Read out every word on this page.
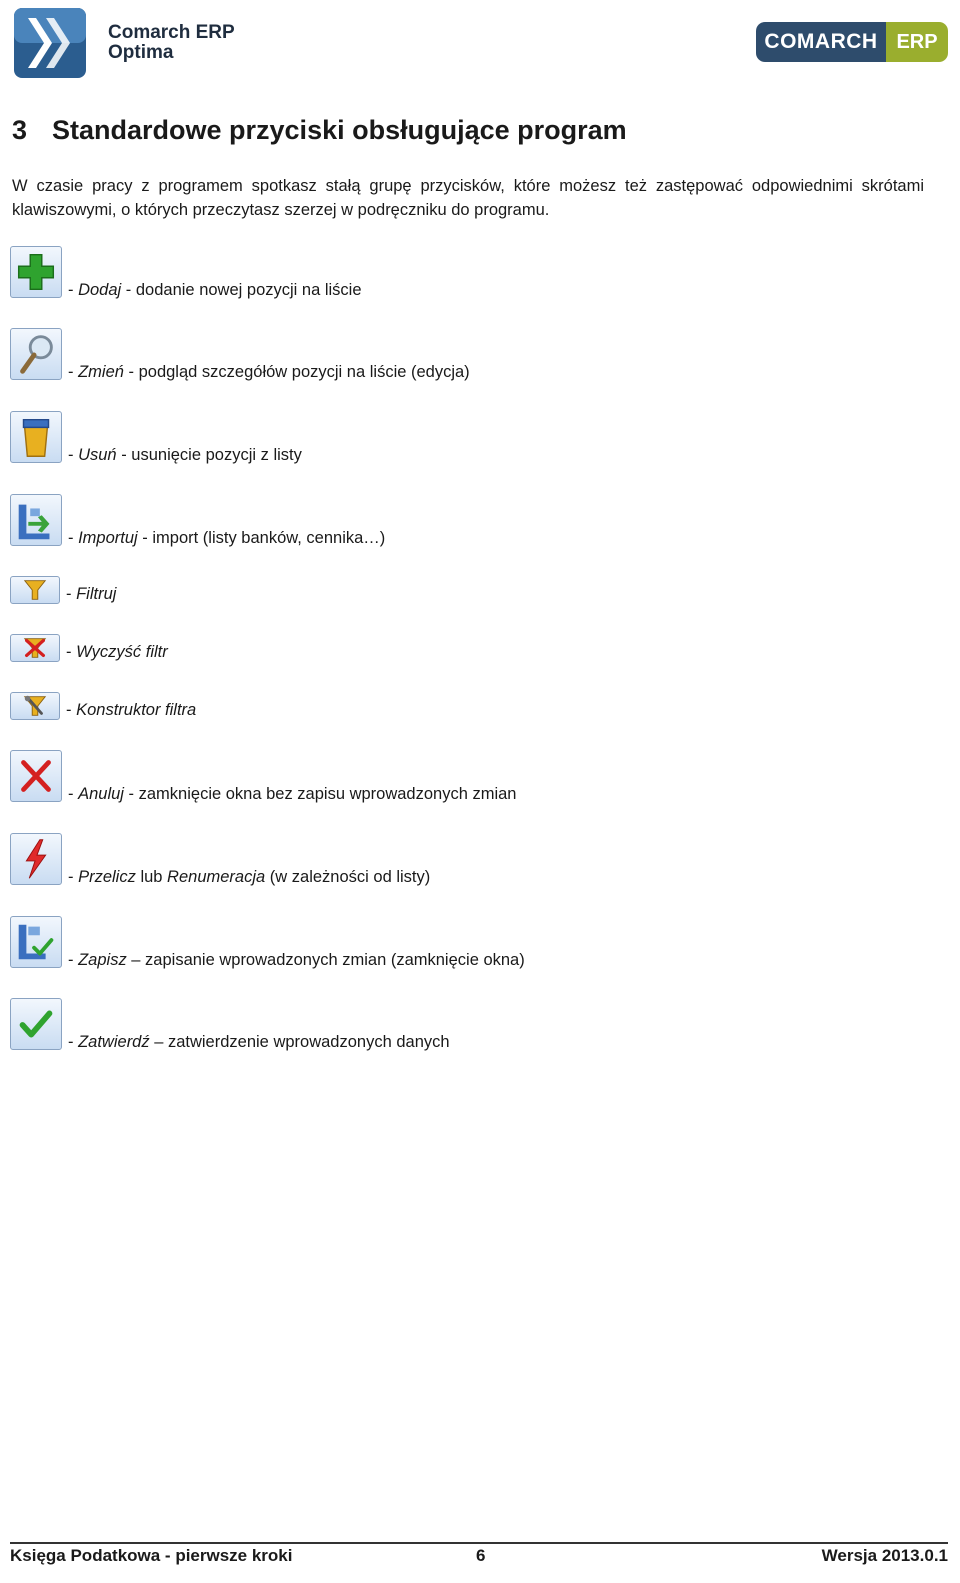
Comarch ERP
Optima	COMARCH ERP
3 Standardowe przyciski obsługujące program
W czasie pracy z programem spotkasz stałą grupę przycisków, które możesz też zastępować odpowiednimi skrótami klawiszowymi, o których przeczytasz szerzej w podręczniku do programu.
- Dodaj - dodanie nowej pozycji na liście
- Zmień - podgląd szczegółów pozycji na liście (edycja)
- Usuń - usunięcie pozycji z listy
- Importuj - import (listy banków, cennika…)
- Filtruj
- Wyczyść filtr
- Konstruktor filtra
- Anuluj - zamknięcie okna bez zapisu wprowadzonych zmian
- Przelicz lub Renumeracja (w zależności od listy)
- Zapisz – zapisanie wprowadzonych zmian (zamknięcie okna)
- Zatwierdź – zatwierdzenie wprowadzonych danych
Księga Podatkowa - pierwsze kroki	6	Wersja 2013.0.1
